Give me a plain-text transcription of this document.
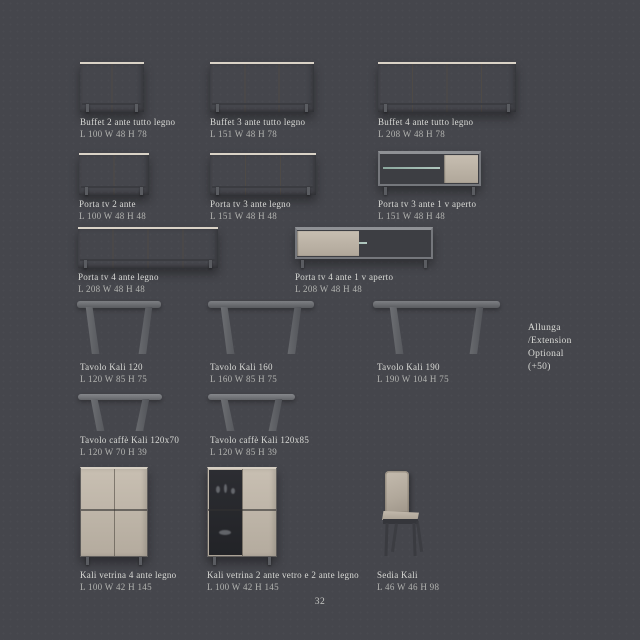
Buffet 2 ante tutto legno
L 100 W 48 H 78
Buffet 3 ante tutto legno
L 151 W 48 H 78
Buffet 4 ante tutto legno
L 208 W 48 H 78
Porta tv 2 ante
L 100 W 48 H 48
Porta tv 3 ante legno
L 151 W 48 H 48
Porta tv 3 ante 1 v aperto
L 151 W 48 H 48
Porta tv 4 ante legno
L 208 W 48 H 48
Porta tv 4 ante 1 v aperto
L 208 W 48 H 48
Tavolo Kali 120
L 120 W 85 H 75
Tavolo Kali 160
L 160 W 85 H 75
Tavolo Kali 190
L 190 W 104 H 75
Allunga
/Extension
Optional
(+50)
Tavolo caffè Kali 120x70
L 120 W 70 H 39
Tavolo caffè Kali 120x85
L 120 W 85 H 39
Kali vetrina 4 ante legno
L 100 W 42 H 145
Kali vetrina 2 ante vetro e 2 ante legno
L 100 W 42 H 145
Sedia Kali
L 46 W 46 H 98
32
